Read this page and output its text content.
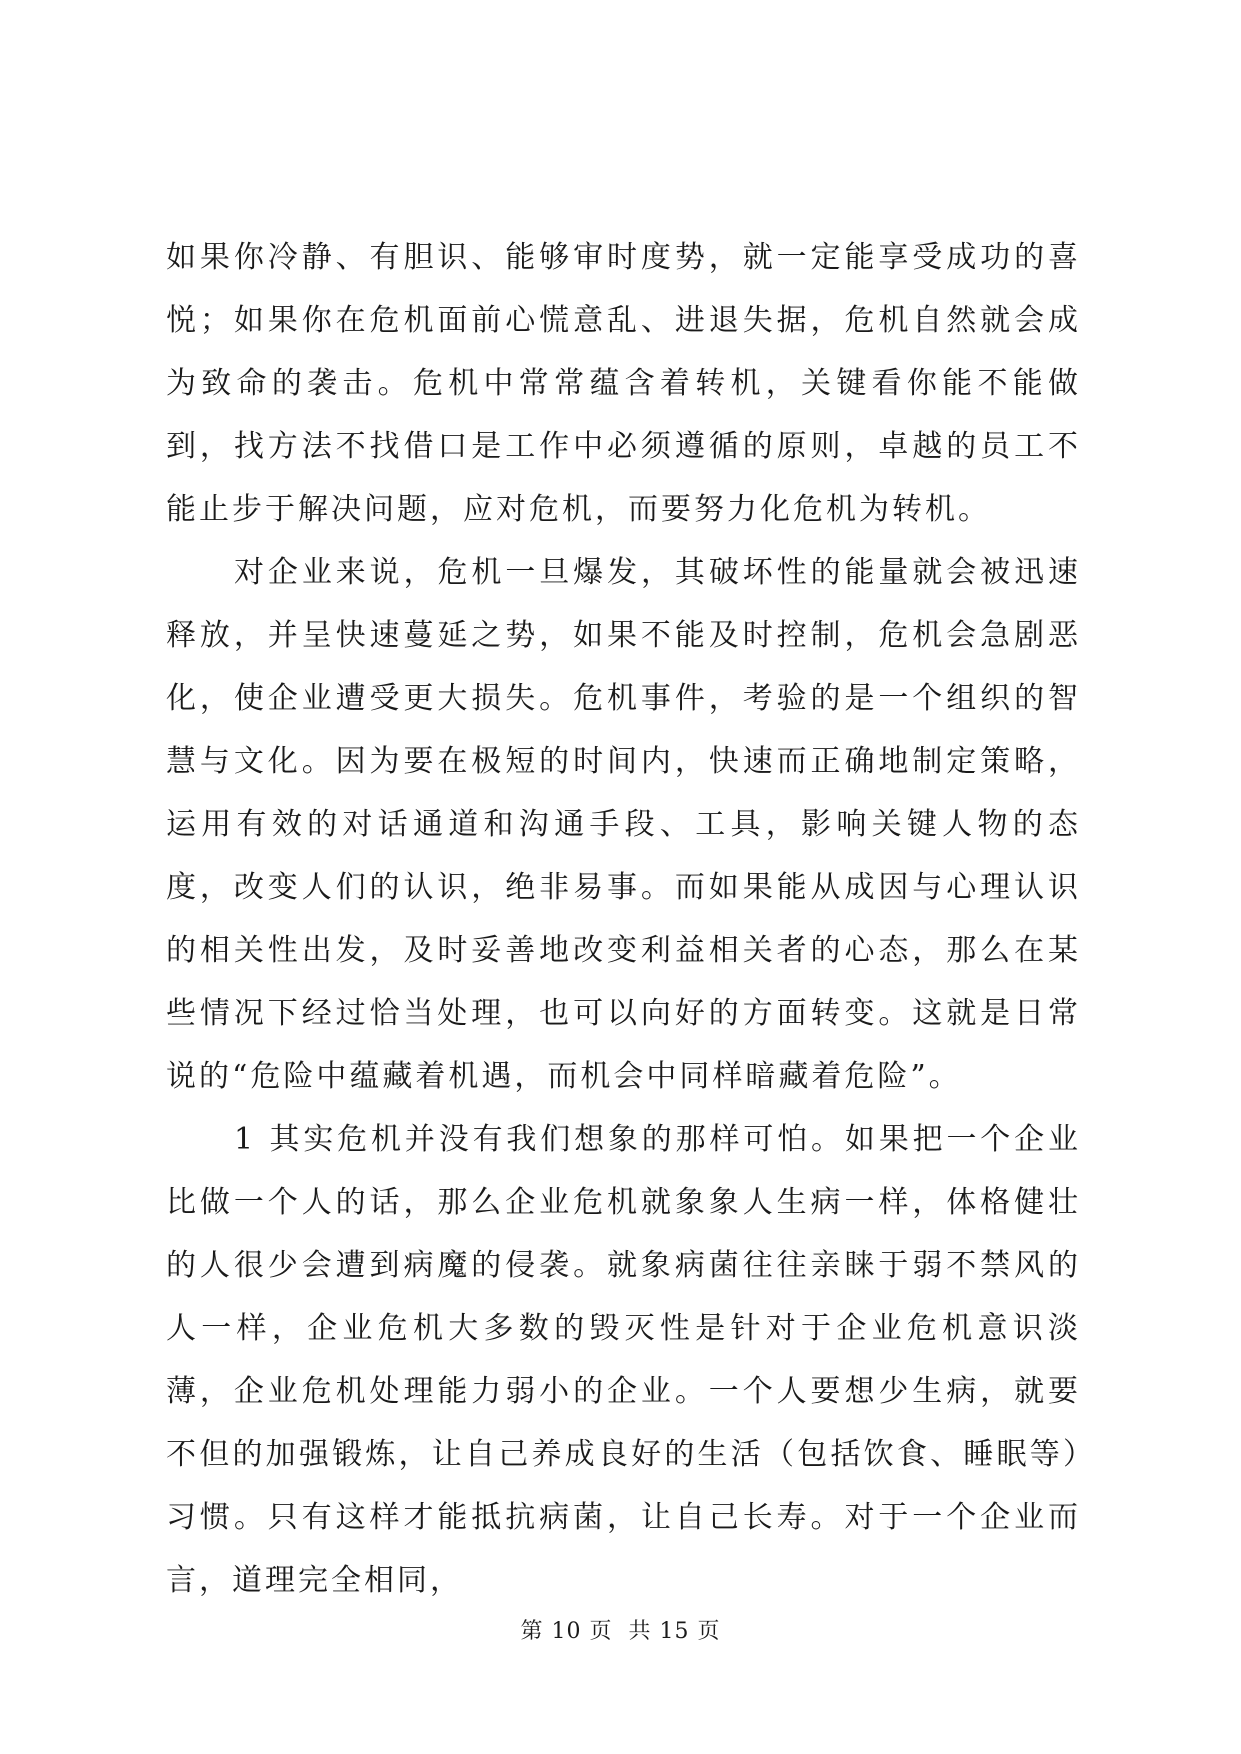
如果你冷静、有胆识、能够审时度势，就一定能享受成功的喜悦；如果你在危机面前心慌意乱、进退失据，危机自然就会成为致命的袭击。危机中常常蕴含着转机，关键看你能不能做到，找方法不找借口是工作中必须遵循的原则，卓越的员工不能止步于解决问题，应对危机，而要努力化危机为转机。

对企业来说，危机一旦爆发，其破坏性的能量就会被迅速释放，并呈快速蔓延之势，如果不能及时控制，危机会急剧恶化，使企业遭受更大损失。危机事件，考验的是一个组织的智慧与文化。因为要在极短的时间内，快速而正确地制定策略，运用有效的对话通道和沟通手段、工具，影响关键人物的态度，改变人们的认识，绝非易事。而如果能从成因与心理认识的相关性出发，及时妥善地改变利益相关者的心态，那么在某些情况下经过恰当处理，也可以向好的方面转变。这就是日常说的“危险中蕴藏着机遇，而机会中同样暗藏着危险”。

1 其实危机并没有我们想象的那样可怕。如果把一个企业比做一个人的话，那么企业危机就象象人生病一样，体格健壮的人很少会遭到病魔的侵袭。就象病菌往往亲睐于弱不禁风的人一样，企业危机大多数的毁灭性是针对于企业危机意识淡薄，企业危机处理能力弱小的企业。一个人要想少生病，就要不但的加强锻炼，让自己养成良好的生活（包括饮食、睡眠等）习惯。只有这样才能抵抗病菌，让自己长寿。对于一个企业而言，道理完全相同，

第 10 页  共 15 页
